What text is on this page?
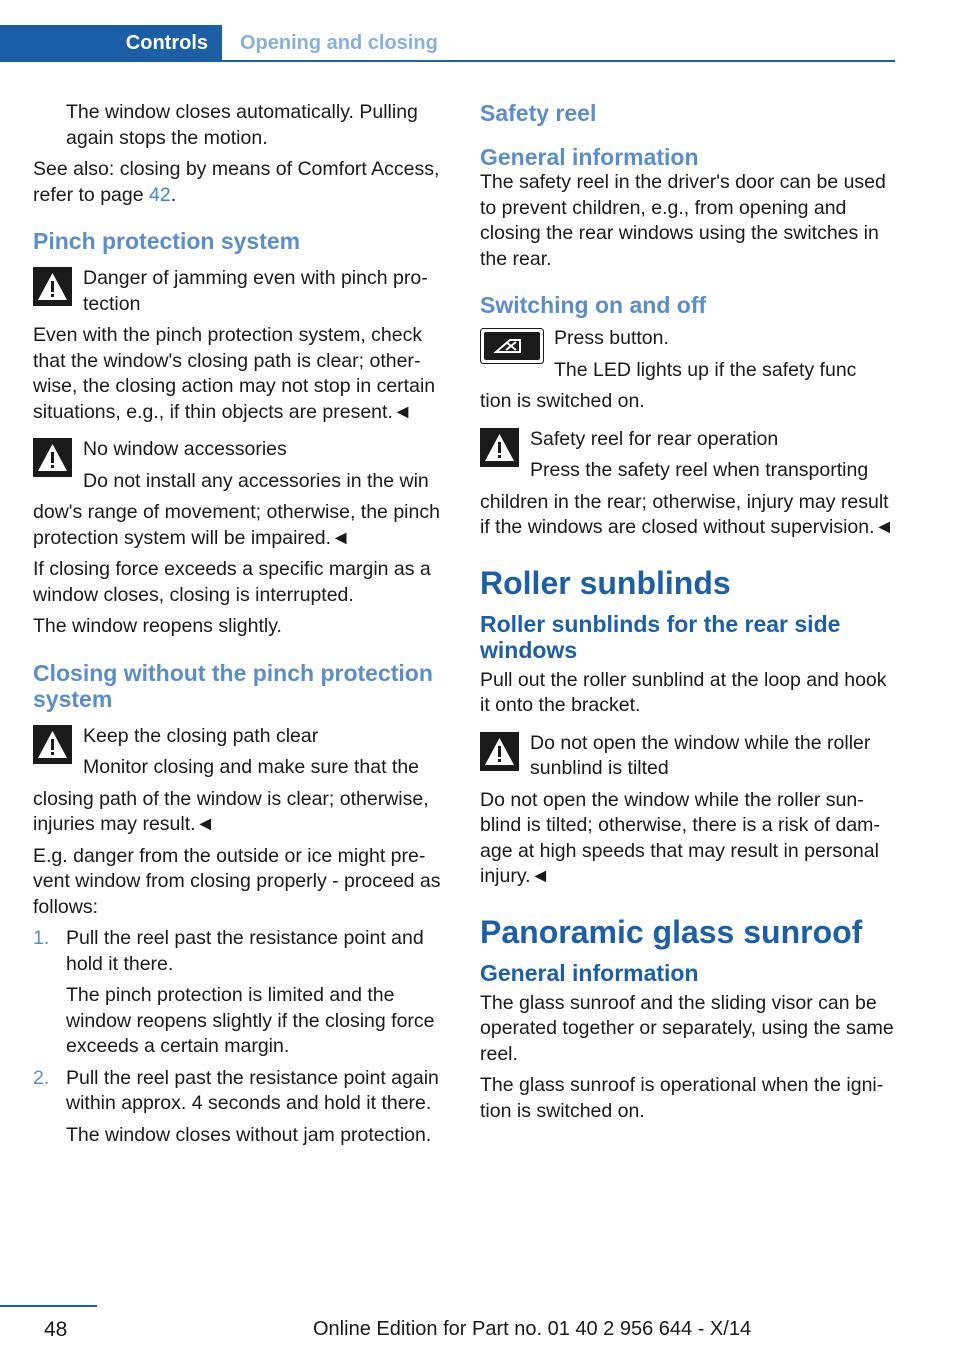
Controls	Opening and closing

The window closes automatically. Pulling again stops the motion.

See also: closing by means of Comfort Access, refer to page 42.

Pinch protection system

Danger of jamming even with pinch protection

Even with the pinch protection system, check that the window's closing path is clear; otherwise, the closing action may not stop in certain situations, e.g., if thin objects are present.◄

No window accessories

Do not install any accessories in the win

dow's range of movement; otherwise, the pinch protection system will be impaired.◄

If closing force exceeds a specific margin as a window closes, closing is interrupted.

The window reopens slightly.

Closing without the pinch protection system

Keep the closing path clear

Monitor closing and make sure that the

closing path of the window is clear; otherwise, injuries may result.◄

E.g. danger from the outside or ice might prevent window from closing properly - proceed as follows:

1. Pull the reel past the resistance point and hold it there.

The pinch protection is limited and the window reopens slightly if the closing force exceeds a certain margin.

2. Pull the reel past the resistance point again within approx. 4 seconds and hold it there.

The window closes without jam protection.

Safety reel
General information

The safety reel in the driver's door can be used to prevent children, e.g., from opening and closing the rear windows using the switches in the rear.

Switching on and off

Press button.

The LED lights up if the safety func

tion is switched on.

Safety reel for rear operation

Press the safety reel when transporting

children in the rear; otherwise, injury may result if the windows are closed without supervision.◄

Roller sunblinds
Roller sunblinds for the rear side windows

Pull out the roller sunblind at the loop and hook it onto the bracket.

Do not open the window while the roller sunblind is tilted

Do not open the window while the roller sunblind is tilted; otherwise, there is a risk of damage at high speeds that may result in personal injury.◄

Panoramic glass sunroof
General information

The glass sunroof and the sliding visor can be operated together or separately, using the same reel.

The glass sunroof is operational when the ignition is switched on.

48	Online Edition for Part no. 01 40 2 956 644 - X/14
